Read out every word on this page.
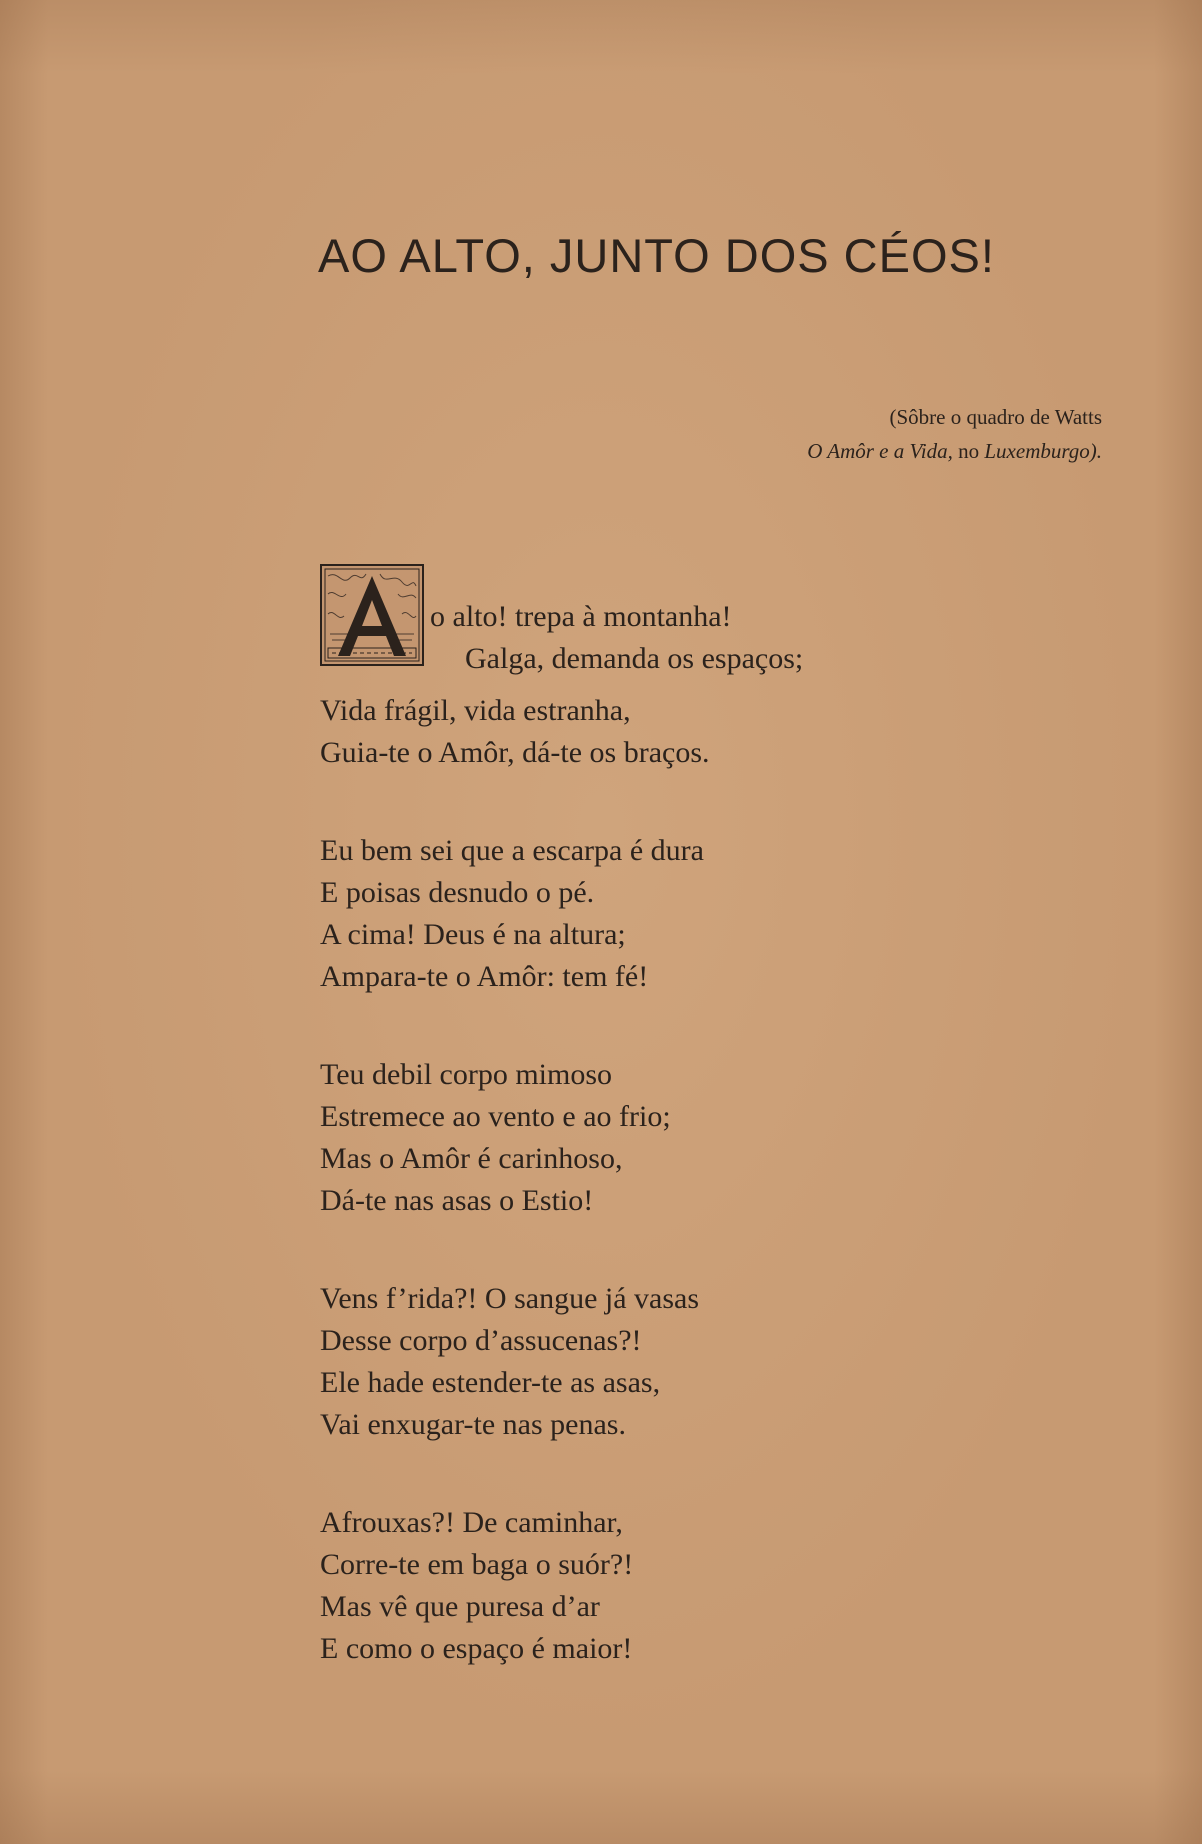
AO ALTO, JUNTO DOS CÉOS!
(Sôbre o quadro de Watts
O Amôr e a Vida, no Luxemburgo).
o alto! trepa à montanha!
Galga, demanda os espaços;
Vida frágil, vida estranha,
Guia-te o Amôr, dá-te os braços.
Eu bem sei que a escarpa é dura
E poisas desnudo o pé.
A cima! Deus é na altura;
Ampara-te o Amôr: tem fé!
Teu debil corpo mimoso
Estremece ao vento e ao frio;
Mas o Amôr é carinhoso,
Dá-te nas asas o Estio!
Vens f’rida?! O sangue já vasas
Desse corpo d’assucenas?!
Ele hade estender-te as asas,
Vai enxugar-te nas penas.
Afrouxas?! De caminhar,
Corre-te em baga o suór?!
Mas vê que puresa d’ar
E como o espaço é maior!
